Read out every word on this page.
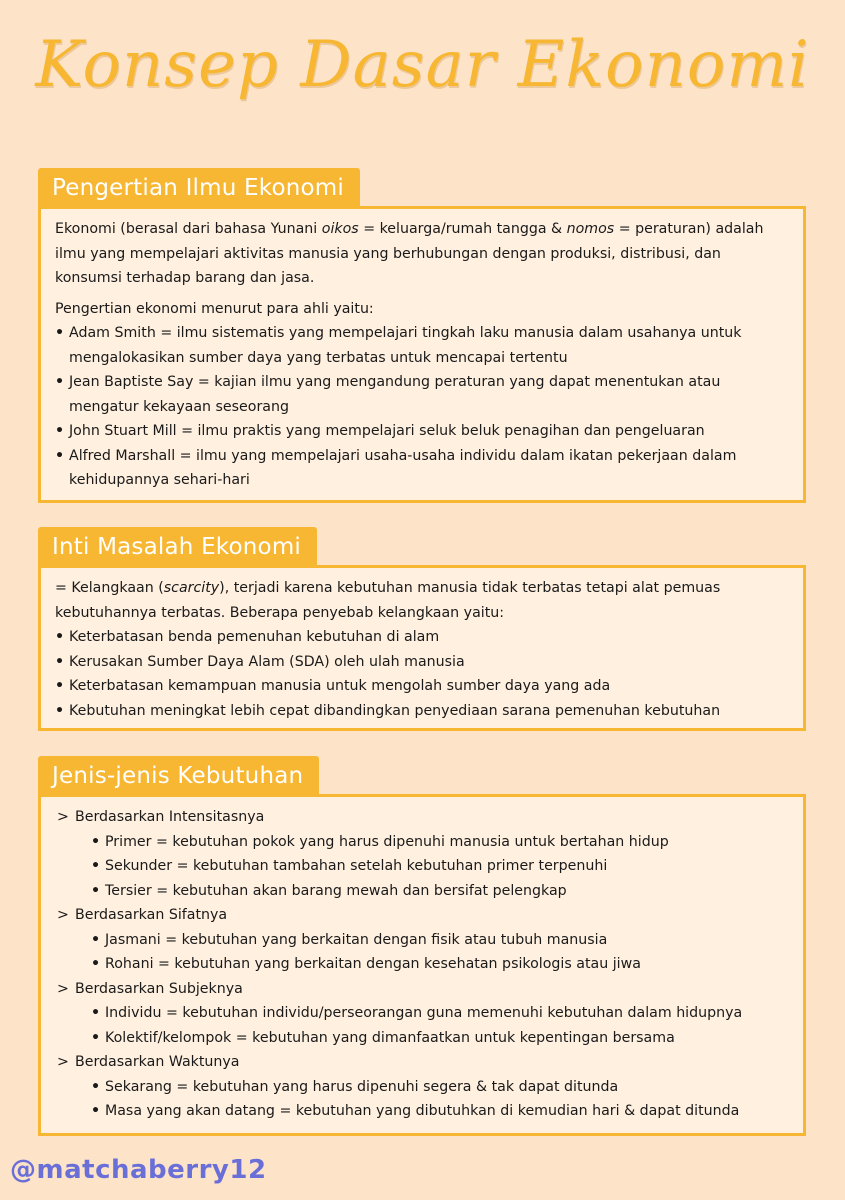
Konsep Dasar Ekonomi
Pengertian Ilmu Ekonomi

Ekonomi (berasal dari bahasa Yunani oikos = keluarga/rumah tangga & nomos = peraturan) adalah ilmu yang mempelajari aktivitas manusia yang berhubungan dengan produksi, distribusi, dan konsumsi terhadap barang dan jasa.

Pengertian ekonomi menurut para ahli yaitu:

• Adam Smith = ilmu sistematis yang mempelajari tingkah laku manusia dalam usahanya untuk mengalokasikan sumber daya yang terbatas untuk mencapai tertentu
• Jean Baptiste Say = kajian ilmu yang mengandung peraturan yang dapat menentukan atau mengatur kekayaan seseorang
• John Stuart Mill = ilmu praktis yang mempelajari seluk beluk penagihan dan pengeluaran
• Alfred Marshall = ilmu yang mempelajari usaha-usaha individu dalam ikatan pekerjaan dalam kehidupannya sehari-hari
Inti Masalah Ekonomi

= Kelangkaan (scarcity), terjadi karena kebutuhan manusia tidak terbatas tetapi alat pemuas kebutuhannya terbatas. Beberapa penyebab kelangkaan yaitu:

• Keterbatasan benda pemenuhan kebutuhan di alam
• Kerusakan Sumber Daya Alam (SDA) oleh ulah manusia
• Keterbatasan kemampuan manusia untuk mengolah sumber daya yang ada
• Kebutuhan meningkat lebih cepat dibandingkan penyediaan sarana pemenuhan kebutuhan
Jenis-jenis Kebutuhan
> Berdasarkan Intensitasnya
• Primer = kebutuhan pokok yang harus dipenuhi manusia untuk bertahan hidup
• Sekunder = kebutuhan tambahan setelah kebutuhan primer terpenuhi
• Tersier = kebutuhan akan barang mewah dan bersifat pelengkap
> Berdasarkan Sifatnya
• Jasmani = kebutuhan yang berkaitan dengan fisik atau tubuh manusia
• Rohani = kebutuhan yang berkaitan dengan kesehatan psikologis atau jiwa
> Berdasarkan Subjeknya
• Individu = kebutuhan individu/perseorangan guna memenuhi kebutuhan dalam hidupnya
• Kolektif/kelompok = kebutuhan yang dimanfaatkan untuk kepentingan bersama
> Berdasarkan Waktunya
• Sekarang = kebutuhan yang harus dipenuhi segera & tak dapat ditunda
• Masa yang akan datang = kebutuhan yang dibutuhkan di kemudian hari & dapat ditunda
@matchaberry12
